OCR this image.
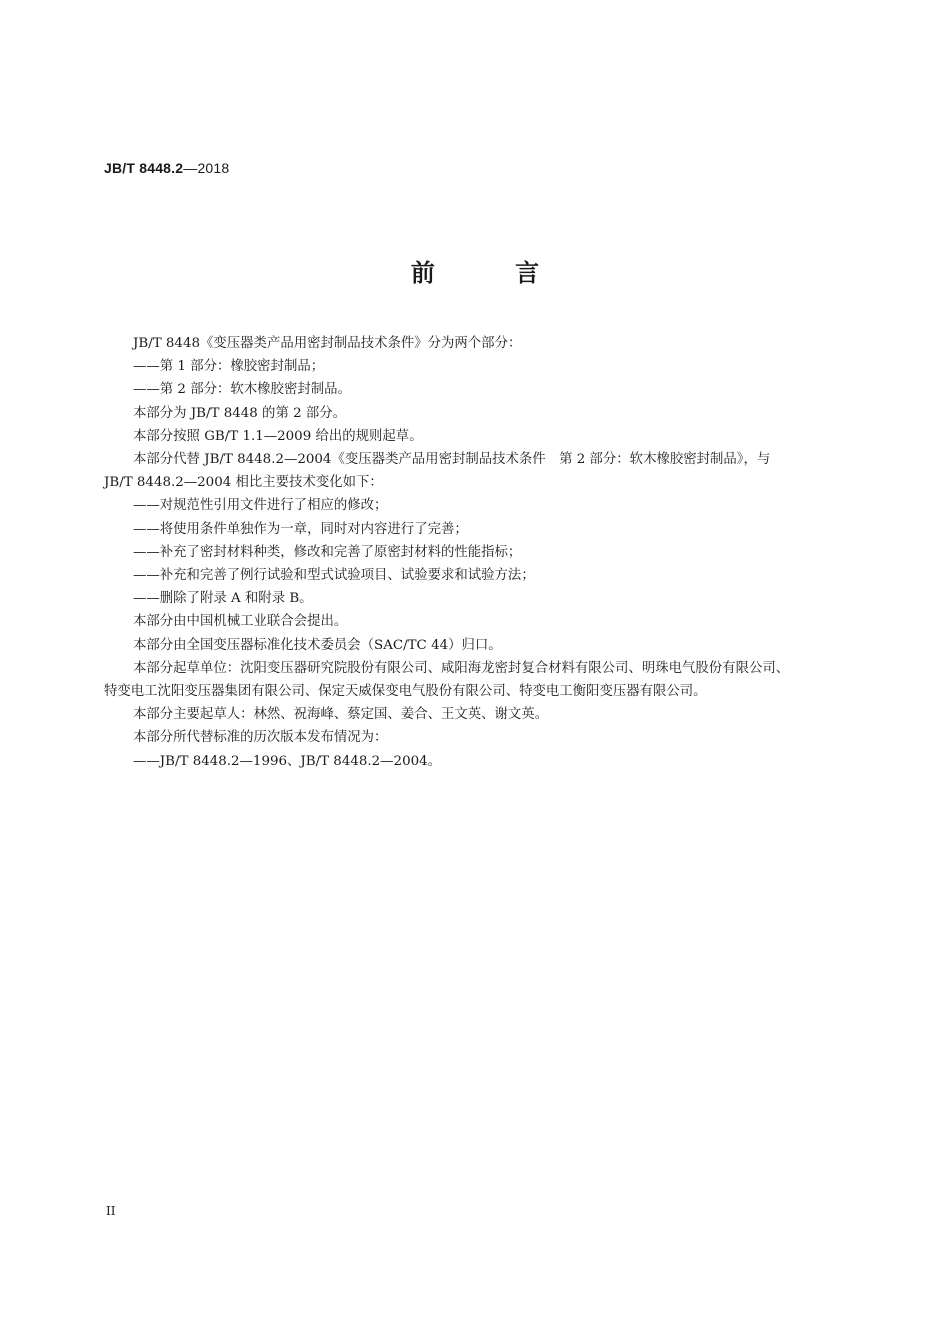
JB/T 8448.2—2018
前 言

JB/T 8448《变压器类产品用密封制品技术条件》分为两个部分：

——第 1 部分：橡胶密封制品；

——第 2 部分：软木橡胶密封制品。

本部分为 JB/T 8448 的第 2 部分。

本部分按照 GB/T 1.1—2009 给出的规则起草。

本部分代替 JB/T 8448.2—2004《变压器类产品用密封制品技术条件　第 2 部分：软木橡胶密封制品》，与 JB/T 8448.2—2004 相比主要技术变化如下：

——对规范性引用文件进行了相应的修改；

——将使用条件单独作为一章，同时对内容进行了完善；

——补充了密封材料种类，修改和完善了原密封材料的性能指标；

——补充和完善了例行试验和型式试验项目、试验要求和试验方法；

——删除了附录 A 和附录 B。

本部分由中国机械工业联合会提出。

本部分由全国变压器标准化技术委员会（SAC/TC 44）归口。

本部分起草单位：沈阳变压器研究院股份有限公司、咸阳海龙密封复合材料有限公司、明珠电气股份有限公司、特变电工沈阳变压器集团有限公司、保定天威保变电气股份有限公司、特变电工衡阳变压器有限公司。

本部分主要起草人：林然、祝海峰、蔡定国、姜合、王文英、谢文英。

本部分所代替标准的历次版本发布情况为：

——JB/T 8448.2—1996、JB/T 8448.2—2004。

II
